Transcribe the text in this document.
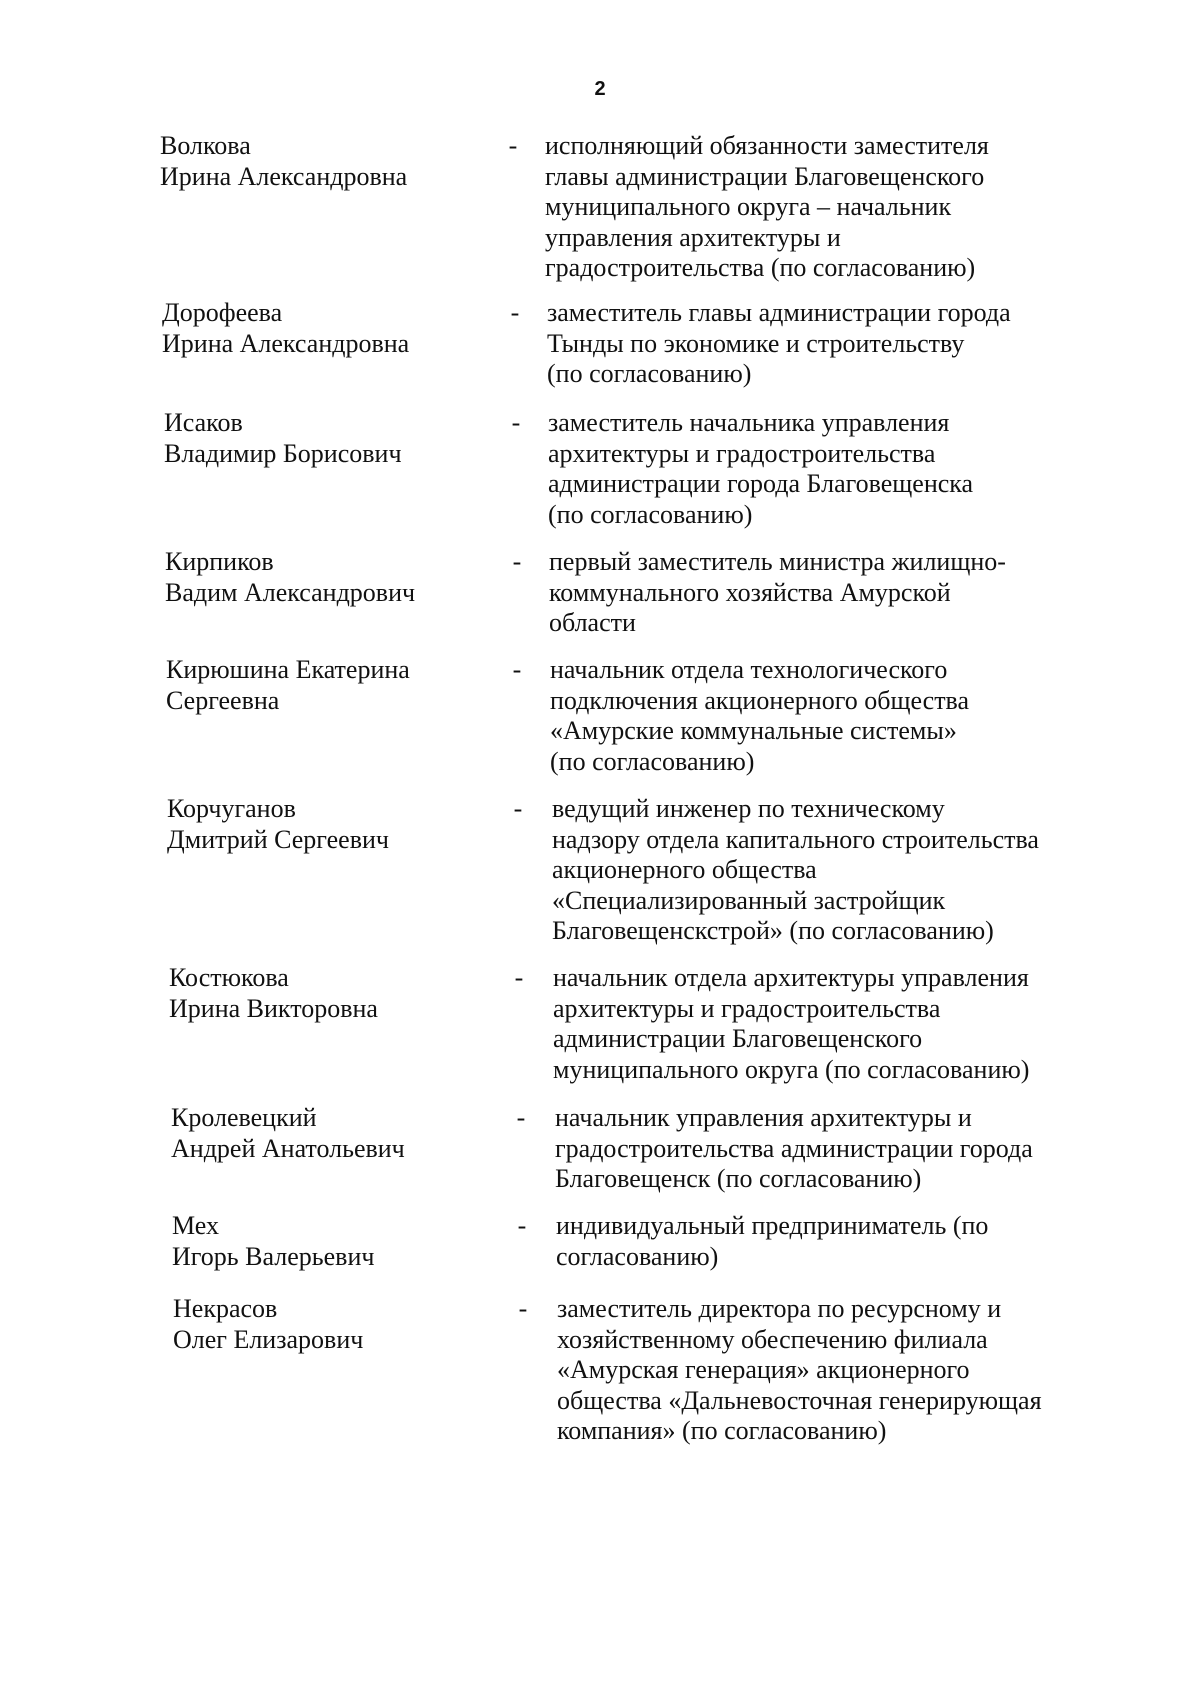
2
Волкова
Ирина Александровна
- исполняющий обязанности заместителя
главы администрации Благовещенского
муниципального округа – начальник
управления архитектуры и
градостроительства (по согласованию)
Дорофеева
Ирина Александровна
- заместитель главы администрации города
Тынды по экономике и строительству
(по согласованию)
Исаков
Владимир Борисович
- заместитель начальника управления
архитектуры и градостроительства
администрации города Благовещенска
(по согласованию)
Кирпиков
Вадим Александрович
- первый заместитель министра жилищно-
коммунального хозяйства Амурской
области
Кирюшина Екатерина
Сергеевна
- начальник отдела технологического
подключения акционерного общества
«Амурские коммунальные системы»
(по согласованию)
Корчуганов
Дмитрий Сергеевич
- ведущий инженер по техническому
надзору отдела капитального строительства
акционерного общества
«Специализированный застройщик
Благовещенскстрой» (по согласованию)
Костюкова
Ирина Викторовна
- начальник отдела архитектуры управления
архитектуры и градостроительства
администрации Благовещенского
муниципального округа (по согласованию)
Кролевецкий
Андрей Анатольевич
- начальник управления архитектуры и
градостроительства администрации города
Благовещенск (по согласованию)
Мех
Игорь Валерьевич
- индивидуальный предприниматель (по
согласованию)
Некрасов
Олег Елизарович
- заместитель директора по ресурсному и
хозяйственному обеспечению филиала
«Амурская генерация» акционерного
общества «Дальневосточная генерирующая
компания» (по согласованию)
